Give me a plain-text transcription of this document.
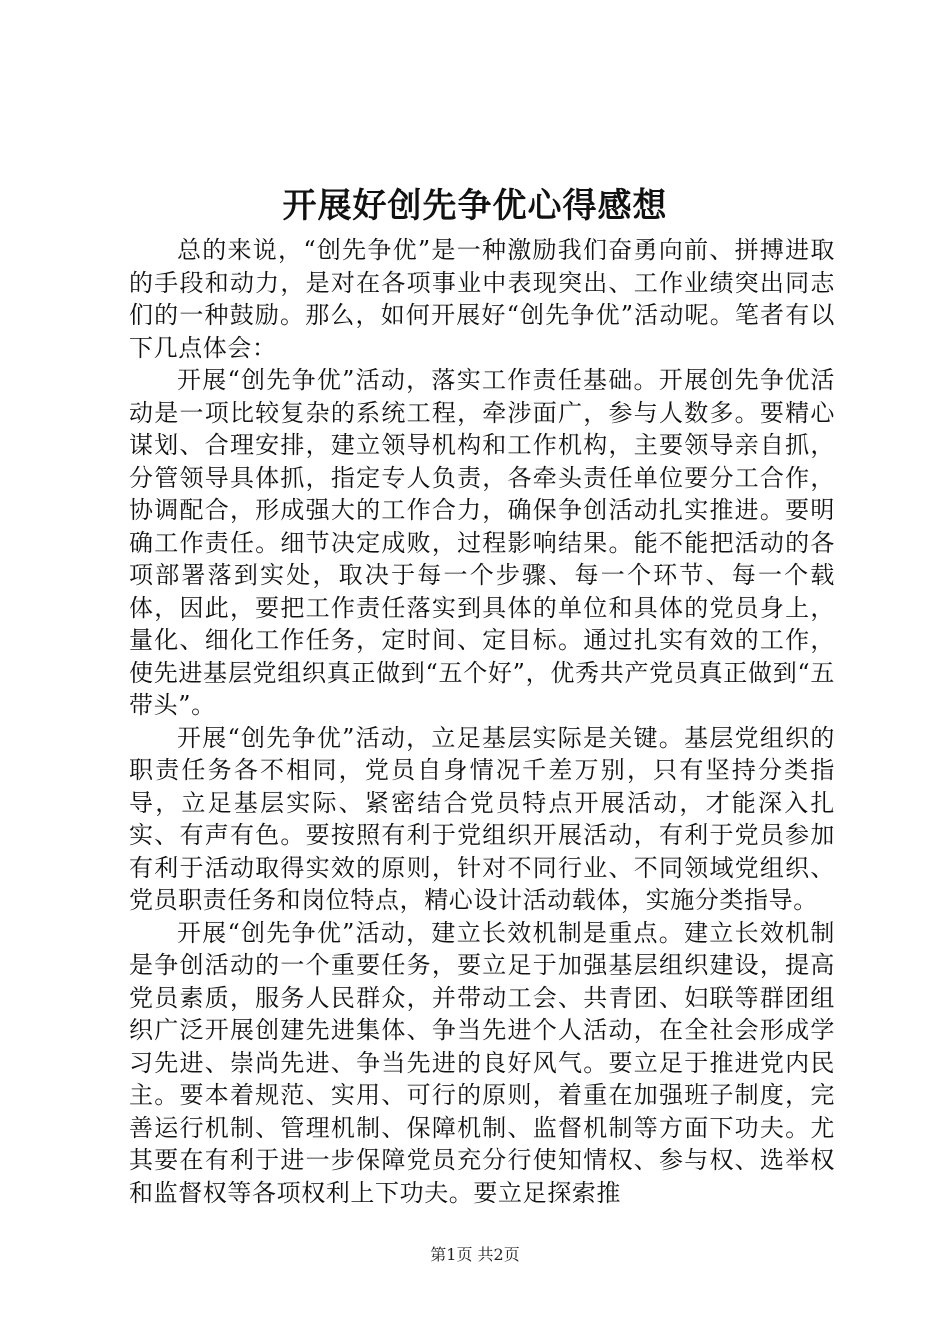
开展好创先争优心得感想

总的来说，“创先争优”是一种激励我们奋勇向前、拼搏进取的手段和动力，是对在各项事业中表现突出、工作业绩突出同志们的一种鼓励。那么，如何开展好“创先争优”活动呢。笔者有以下几点体会：

开展“创先争优”活动，落实工作责任基础。开展创先争优活动是一项比较复杂的系统工程，牵涉面广，参与人数多。要精心谋划、合理安排，建立领导机构和工作机构，主要领导亲自抓，分管领导具体抓，指定专人负责，各牵头责任单位要分工合作，协调配合，形成强大的工作合力，确保争创活动扎实推进。要明确工作责任。细节决定成败，过程影响结果。能不能把活动的各项部署落到实处，取决于每一个步骤、每一个环节、每一个载体，因此，要把工作责任落实到具体的单位和具体的党员身上，量化、细化工作任务，定时间、定目标。通过扎实有效的工作，使先进基层党组织真正做到“五个好”，优秀共产党员真正做到“五带头”。

开展“创先争优”活动，立足基层实际是关键。基层党组织的职责任务各不相同，党员自身情况千差万别，只有坚持分类指导，立足基层实际、紧密结合党员特点开展活动，才能深入扎实、有声有色。要按照有利于党组织开展活动，有利于党员参加有利于活动取得实效的原则，针对不同行业、不同领域党组织、党员职责任务和岗位特点，精心设计活动载体，实施分类指导。

开展“创先争优”活动，建立长效机制是重点。建立长效机制是争创活动的一个重要任务，要立足于加强基层组织建设，提高党员素质，服务人民群众，并带动工会、共青团、妇联等群团组织广泛开展创建先进集体、争当先进个人活动，在全社会形成学习先进、崇尚先进、争当先进的良好风气。要立足于推进党内民主。要本着规范、实用、可行的原则，着重在加强班子制度，完善运行机制、管理机制、保障机制、监督机制等方面下功夫。尤其要在有利于进一步保障党员充分行使知情权、参与权、选举权和监督权等各项权利上下功夫。要立足探索推

第1页 共2页
